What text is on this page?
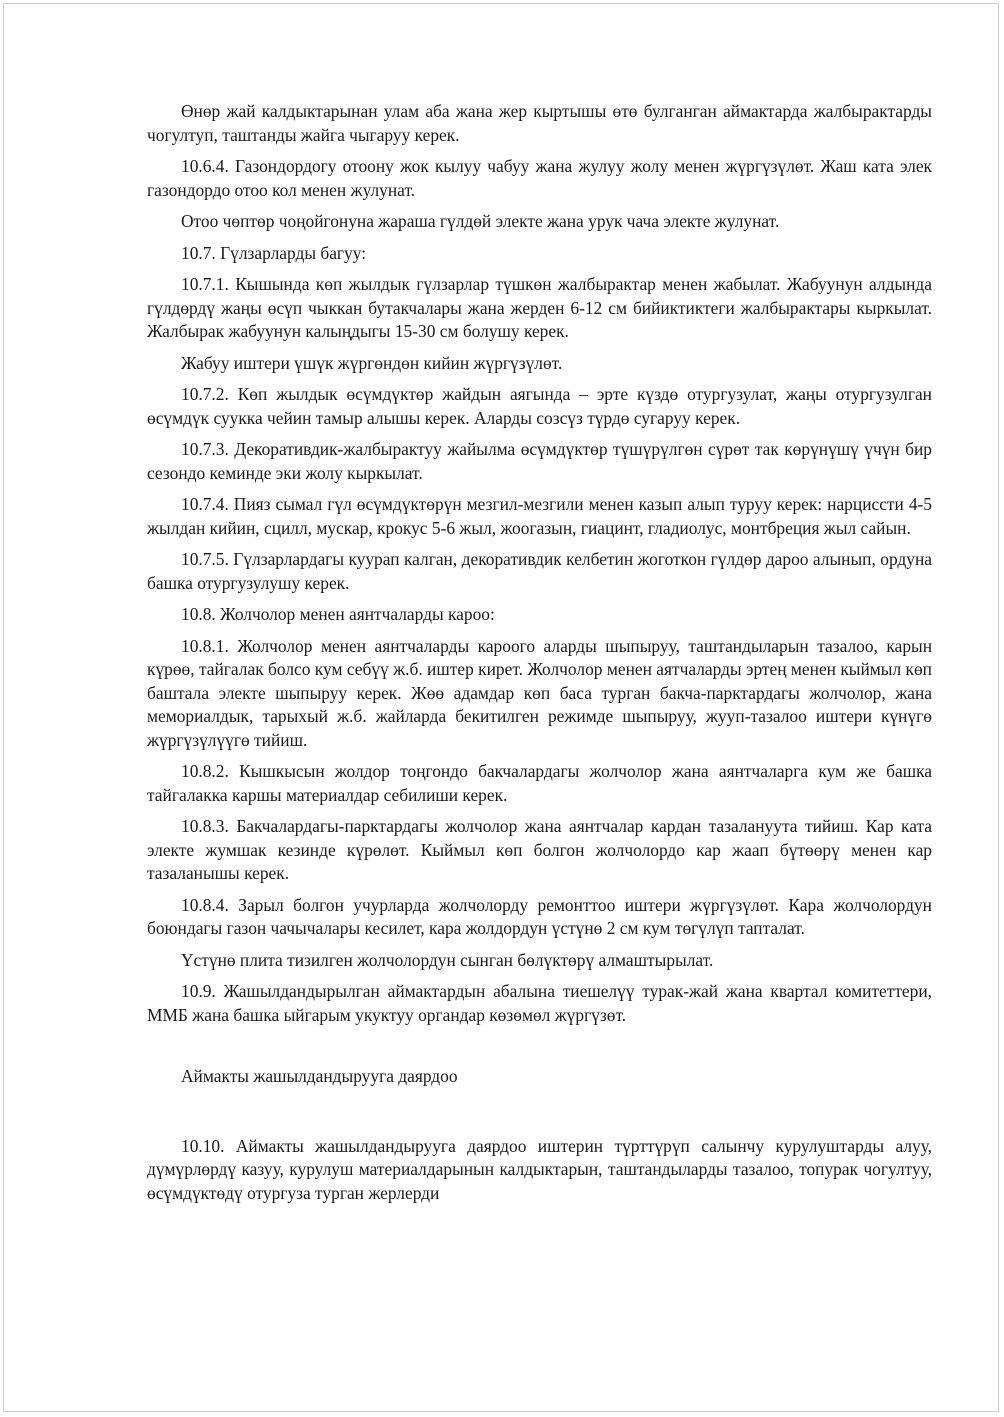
Өнөр жай калдыктарынан улам аба жана жер кыртышы өтө булганган аймактарда жалбырактарды чогултуп, таштанды жайга чыгаруу керек.

10.6.4. Газондордогу отоону жок кылуу чабуу жана жулуу жолу менен жүргүзүлөт. Жаш ката элек газондордо отоо кол менен жулунат.

Отоо чөптөр чоңойгонуна жараша гүлдөй электе жана урук чача электе жулунат.

10.7. Гүлзарларды багуу:

10.7.1. Кышында көп жылдык гүлзарлар түшкөн жалбырактар менен жабылат. Жабуунун алдында гүлдөрдү жаңы өсүп чыккан бутакчалары жана жерден 6-12 см бийиктиктеги жалбырактары кыркылат. Жалбырак жабуунун калыңдыгы 15-30 см болушу керек.

Жабуу иштери үшүк жүргөндөн кийин жүргүзүлөт.

10.7.2. Көп жылдык өсүмдүктөр жайдын аягында – эрте күздө отургузулат, жаңы отургузулган өсүмдүк суукка чейин тамыр алышы керек. Аларды созсүз түрдө сугаруу керек.

10.7.3. Декоративдик-жалбырактуу жайылма өсүмдүктөр түшүрүлгөн сүрөт так көрүнүшү үчүн бир сезондо кеминде эки жолу кыркылат.

10.7.4. Пияз сымал гүл өсүмдүктөрүн мезгил-мезгили менен казып алып туруу керек: нарциссти 4-5 жылдан кийин, сцилл, мускар, крокус 5-6 жыл, жоогазын, гиацинт, гладиолус, монтбреция жыл сайын.

10.7.5. Гүлзарлардагы куурап калган, декоративдик келбетин жоготкон гүлдөр дароо алынып, ордуна башка отургузулушу керек.

10.8. Жолчолор менен аянтчаларды кароо:

10.8.1. Жолчолор менен аянтчаларды кароого аларды шыпыруу, таштандыларын тазалоо, карын күрөө, тайгалак болсо кум себүү ж.б. иштер кирет. Жолчолор менен аятчаларды эртең менен кыймыл көп баштала электе шыпыруу керек. Жөө адамдар көп баса турган бакча-парктардагы жолчолор, жана мемориалдык, тарыхый ж.б. жайларда бекитилген режимде шыпыруу, жууп-тазалоо иштери күнүгө жүргүзүлүүгө тийиш.

10.8.2. Кышкысын жолдор тоңгондо бакчалардагы жолчолор жана аянтчаларга кум же башка тайгалакка каршы материалдар себилиши керек.

10.8.3. Бакчалардагы-парктардагы жолчолор жана аянтчалар кардан тазалануута тийиш. Кар ката электе жумшак кезинде күрөлөт. Кыймыл көп болгон жолчолордо кар жаап бүтөөрү менен кар тазаланышы керек.

10.8.4. Зарыл болгон учурларда жолчолорду ремонттоо иштери жүргүзүлөт. Кара жолчолордун боюндагы газон чачычалары кесилет, кара жолдордун үстүнө 2 см кум төгүлүп тапталат.

Үстүнө плита тизилген жолчолордун сынган бөлүктөрү алмаштырылат.

10.9. Жашылдандырылган аймактардын абалына тиешелүү турак-жай жана квартал комитеттери, ММБ жана башка ыйгарым укуктуу органдар көзөмөл жүргүзөт.

Аймакты жашылдандырууга даярдоо

10.10. Аймакты жашылдандырууга даярдоо иштерин түрттүрүп салынчу курулуштарды алуу, дүмүрлөрдү казуу, курулуш материалдарынын калдыктарын, таштандыларды тазалоо, топурак чогултуу, өсүмдүктөдү отургуза турган жерлерди
